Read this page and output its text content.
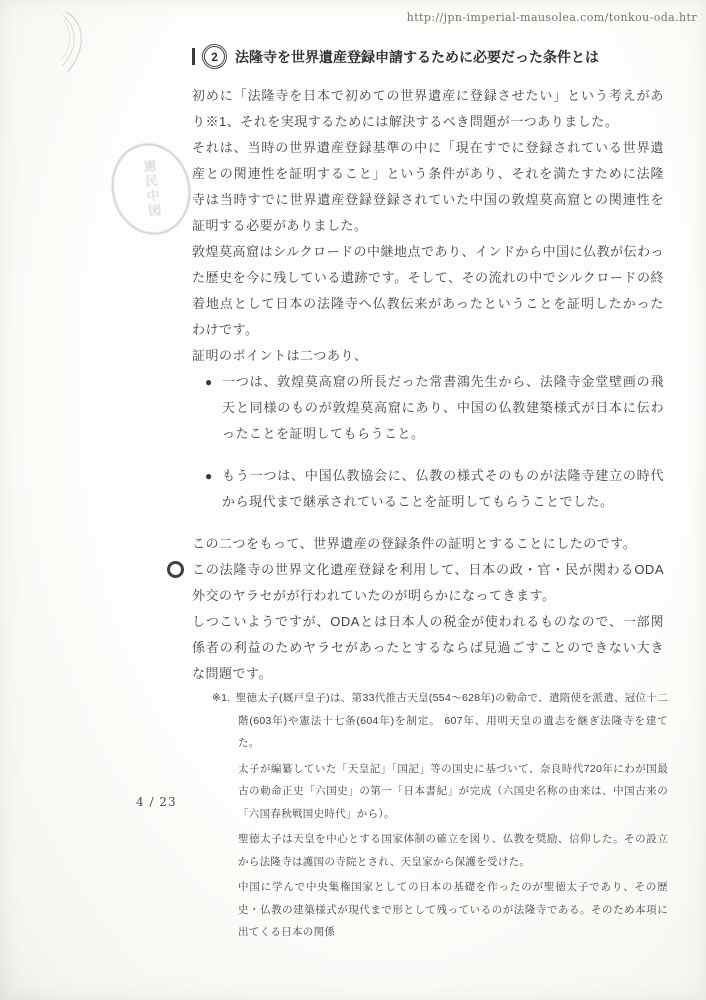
http://jpn-imperial-mausolea.com/tonkou-oda.htr
憲民中図
2	法隆寺を世界遺産登録申請するために必要だった条件とは

初めに「法隆寺を日本で初めての世界遺産に登録させたい」という考えがあり※1、それを実現するためには解決するべき問題が一つありました。

それは、当時の世界遺産登録基準の中に「現在すでに登録されている世界遺産との関連性を証明すること」という条件があり、それを満たすために法隆寺は当時すでに世界遺産登録登録されていた中国の敦煌莫高窟との関連性を証明する必要がありました。

敦煌莫高窟はシルクロードの中継地点であり、インドから中国に仏教が伝わった歴史を今に残している遺跡です。そして、その流れの中でシルクロードの終着地点として日本の法隆寺へ仏教伝来があったということを証明したかったわけです。

証明のポイントは二つあり、

● 一つは、敦煌莫高窟の所長だった常書鴻先生から、法隆寺金堂壁画の飛天と同様のものが敦煌莫高窟にあり、中国の仏教建築様式が日本に伝わったことを証明してもらうこと。
● もう一つは、中国仏教協会に、仏教の様式そのものが法隆寺建立の時代から現代まで継承されていることを証明してもらうことでした。

この二つをもって、世界遺産の登録条件の証明とすることにしたのです。

この法隆寺の世界文化遺産登録を利用して、日本の政・官・民が関わるODA外交のヤラセがが行われていたのが明らかになってきます。

しつこいようですが、ODAとは日本人の税金が使われるものなので、一部関係者の利益のためヤラセがあったとするならば見過ごすことのできない大きな問題です。

※1. 聖徳太子(厩戸皇子)は、第33代推古天皇(554〜628年)の勅命で、遣隋使を派遣、冠位十二階(603年)や憲法十七条(604年)を制定。 607年、用明天皇の遺志を継ぎ法隆寺を建てた。

太子が編纂していた「天皇記」「国記」等の国史に基づいて、奈良時代720年にわが国最古の勅命正史「六国史」の第一「日本書紀」が完成（六国史名称の由来は、中国古来の「六国春秋戦国史時代」から）。

聖徳太子は天皇を中心とする国家体制の確立を図り、仏教を奨励、信仰した。その設立から法隆寺は護国の寺院とされ、天皇家から保護を受けた。

中国に学んで中央集権国家としての日本の基礎を作ったのが聖徳太子であり、その歴史・仏教の建築様式が現代まで形として残っているのが法隆寺である。そのため本項に出てくる日本の関係

4 / 23
